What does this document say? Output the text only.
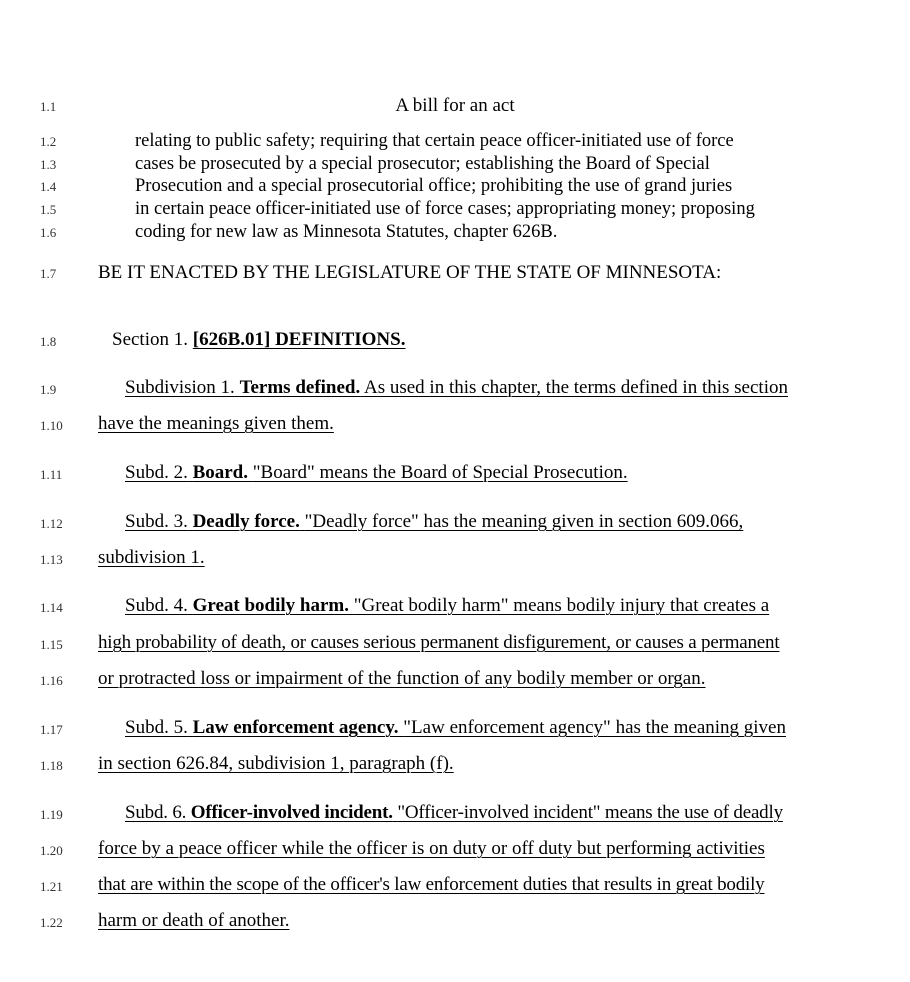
1.1
1.2
1.3
1.4
1.5
1.6
1.7
1.8
1.9
1.10
1.11
1.12
1.13
1.14
1.15
1.16
1.17
1.18
1.19
1.20
1.21
1.22
A bill for an act
relating to public safety; requiring that certain peace officer-initiated use of force
cases be prosecuted by a special prosecutor; establishing the Board of Special
Prosecution and a special prosecutorial office; prohibiting the use of grand juries
in certain peace officer-initiated use of force cases; appropriating money; proposing
coding for new law as Minnesota Statutes, chapter 626B.
BE IT ENACTED BY THE LEGISLATURE OF THE STATE OF MINNESOTA:
Section 1. [626B.01] DEFINITIONS.
Subdivision 1. Terms defined. As used in this chapter, the terms defined in this section
have the meanings given them.
Subd. 2. Board. "Board" means the Board of Special Prosecution.
Subd. 3. Deadly force. "Deadly force" has the meaning given in section 609.066,
subdivision 1.
Subd. 4. Great bodily harm. "Great bodily harm" means bodily injury that creates a
high probability of death, or causes serious permanent disfigurement, or causes a permanent
or protracted loss or impairment of the function of any bodily member or organ.
Subd. 5. Law enforcement agency. "Law enforcement agency" has the meaning given
in section 626.84, subdivision 1, paragraph (f).
Subd. 6. Officer-involved incident. "Officer-involved incident" means the use of deadly
force by a peace officer while the officer is on duty or off duty but performing activities
that are within the scope of the officer's law enforcement duties that results in great bodily
harm or death of another.
